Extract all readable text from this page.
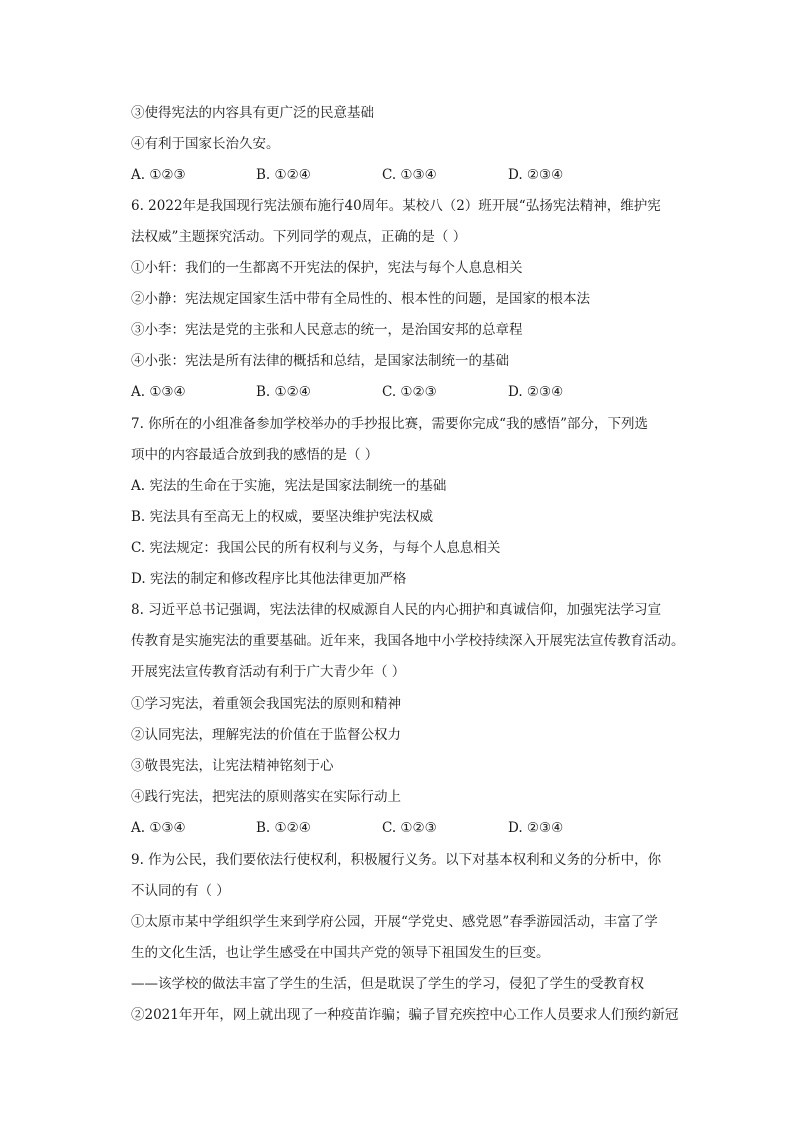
③使得宪法的内容具有更广泛的民意基础
④有利于国家长治久安。
A. ①②③	B. ①②④	C. ①③④	D. ②③④
6. 2022年是我国现行宪法颁布施行40周年。某校八（2）班开展“弘扬宪法精神，维护宪
法权威”主题探究活动。下列同学的观点，正确的是（ ）
①小轩：我们的一生都离不开宪法的保护，宪法与每个人息息相关
②小静：宪法规定国家生活中带有全局性的、根本性的问题，是国家的根本法
③小李：宪法是党的主张和人民意志的统一，是治国安邦的总章程
④小张：宪法是所有法律的概括和总结，是国家法制统一的基础
A. ①③④	B. ①②④	C. ①②③	D. ②③④
7. 你所在的小组准备参加学校举办的手抄报比赛，需要你完成“我的感悟”部分，下列选
项中的内容最适合放到我的感悟的是（ ）
A. 宪法的生命在于实施，宪法是国家法制统一的基础
B. 宪法具有至高无上的权威，要坚决维护宪法权威
C. 宪法规定：我国公民的所有权利与义务，与每个人息息相关
D. 宪法的制定和修改程序比其他法律更加严格
8. 习近平总书记强调，宪法法律的权威源自人民的内心拥护和真诚信仰，加强宪法学习宣
传教育是实施宪法的重要基础。近年来，我国各地中小学校持续深入开展宪法宣传教育活动。
开展宪法宣传教育活动有利于广大青少年（ ）
①学习宪法，着重领会我国宪法的原则和精神
②认同宪法，理解宪法的价值在于监督公权力
③敬畏宪法，让宪法精神铭刻于心
④践行宪法，把宪法的原则落实在实际行动上
A. ①③④	B. ①②④	C. ①②③	D. ②③④
9. 作为公民，我们要依法行使权利，积极履行义务。以下对基本权利和义务的分析中，你
不认同的有（ ）
①太原市某中学组织学生来到学府公园，开展“学党史、感党恩”春季游园活动，丰富了学
生的文化生活，也让学生感受在中国共产党的领导下祖国发生的巨变。
——该学校的做法丰富了学生的生活，但是耽误了学生的学习，侵犯了学生的受教育权
②2021年开年，网上就出现了一种疫苗诈骗；骗子冒充疾控中心工作人员要求人们预约新冠
